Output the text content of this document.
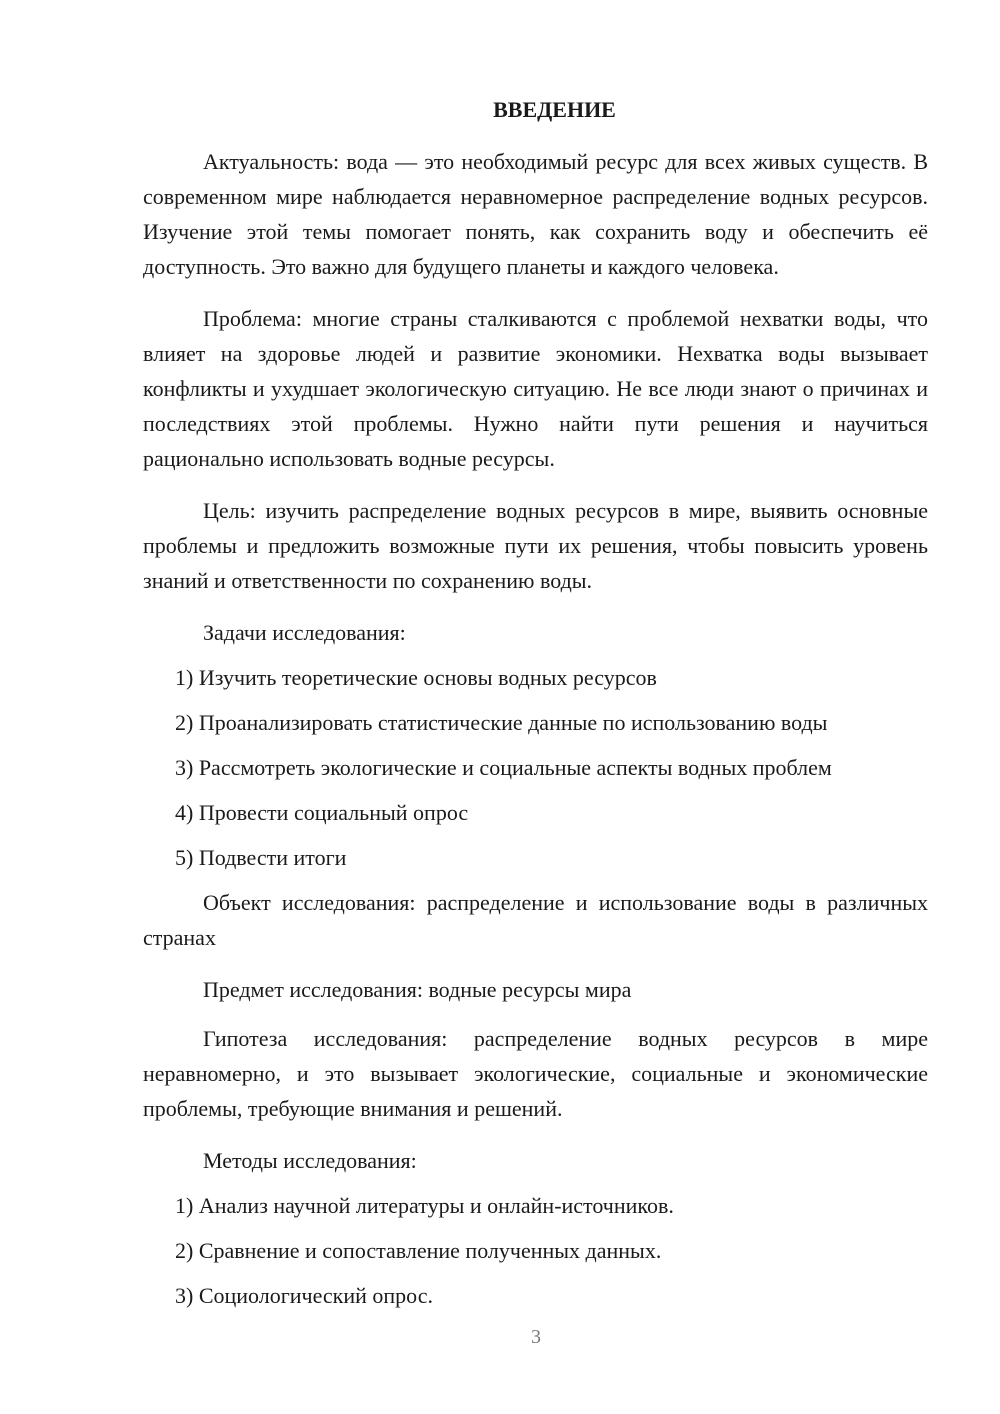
ВВЕДЕНИЕ

Актуальность: вода — это необходимый ресурс для всех живых существ. В современном мире наблюдается неравномерное распределение водных ресурсов. Изучение этой темы помогает понять, как сохранить воду и обеспечить её доступность. Это важно для будущего планеты и каждого человека.

Проблема: многие страны сталкиваются с проблемой нехватки воды, что влияет на здоровье людей и развитие экономики. Нехватка воды вызывает конфликты и ухудшает экологическую ситуацию. Не все люди знают о причинах и последствиях этой проблемы. Нужно найти пути решения и научиться рационально использовать водные ресурсы.

Цель: изучить распределение водных ресурсов в мире, выявить основные проблемы и предложить возможные пути их решения, чтобы повысить уровень знаний и ответственности по сохранению воды.

Задачи исследования:
1) Изучить теоретические основы водных ресурсов
2) Проанализировать статистические данные по использованию воды
3) Рассмотреть экологические и социальные аспекты водных проблем
4) Провести социальный опрос
5) Подвести итоги

Объект исследования: распределение и использование воды в различных странах

Предмет исследования: водные ресурсы мира

Гипотеза исследования: распределение водных ресурсов в мире неравномерно, и это вызывает экологические, социальные и экономические проблемы, требующие внимания и решений.

Методы исследования:
1) Анализ научной литературы и онлайн-источников.
2) Сравнение и сопоставление полученных данных.
3) Социологический опрос.
3
